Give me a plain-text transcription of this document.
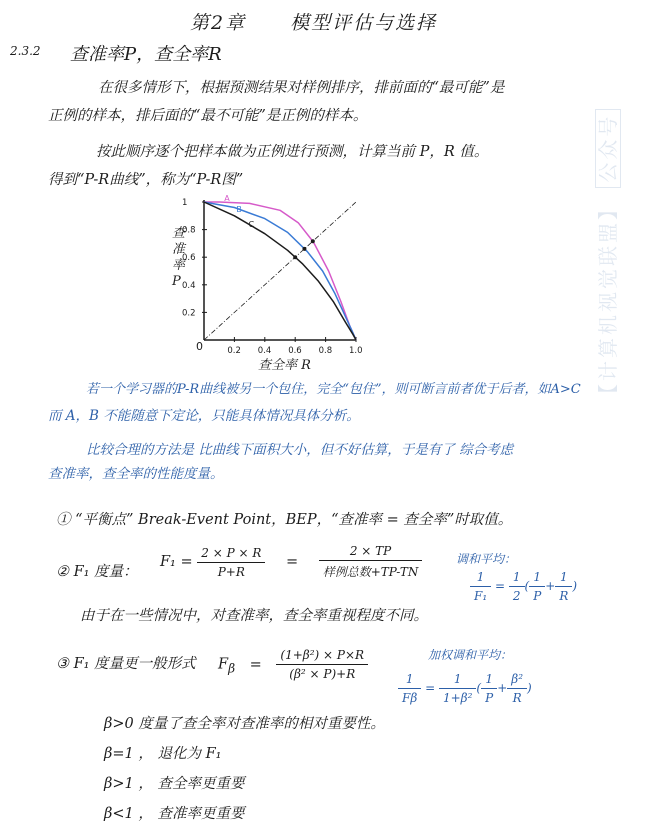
第2章 模型评估与选择
2.3.2 查准率P，查全率R
在很多情形下，根据预测结果对样例排序，排前面的“最可能”是
正例的样本，排后面的“最不可能”是正例的样本。
按此顺序逐个把样本做为正例进行预测，计算当前 P，R 值。
得到“P-R曲线”，称为“P-R图”
【计算机视觉联盟】 公众号
0.2 0.4 0.6 0.8 1.0
0.2
0.4
0.6
0.8
1	A
B
C
0
查准率 P
查全率 R
若一个学习器的P-R曲线被另一个包住，完全“包住”，则可断言前者优于后者，如A>C
而 A，B 不能随意下定论，只能具体情况具体分析。
比较合理的方法是 比曲线下面积大小，但不好估算，于是有了 综合考虑
查准率，查全率的性能度量。
① “平衡点” Break-Event Point，BEP，“查准率 = 查全率”时取值。
② F₁ 度量：
$F_1 = \frac{2 \times P \times R}{P+R} = \frac{2 \times TP}{\text{样例总数+TP-TN}}$	调和平均：
$\frac{1}{\text{F₁}} = \frac{1}{2}$ ( $\frac{1}{P} + \frac{1}{R}$ )
由于在一些情况中，对查准率，查全率重视程度不同。
③ F₁ 度量更一般形式 $F_\beta = \frac{\text{(1+β²) × P×R}}{\text{(β² × P)+R}}$	加权调和平均：
$\frac{1}{F\beta} = \frac{1}{\text{1+β²}}$ ( $\frac{1}{P} + \frac{\text{β²}}{R}$ )
β>0 度量了查全率对查准率的相对重要性。
β=1 ， 退化为 F₁
β>1 ， 查全率更重要
β<1 ， 查准率更重要
